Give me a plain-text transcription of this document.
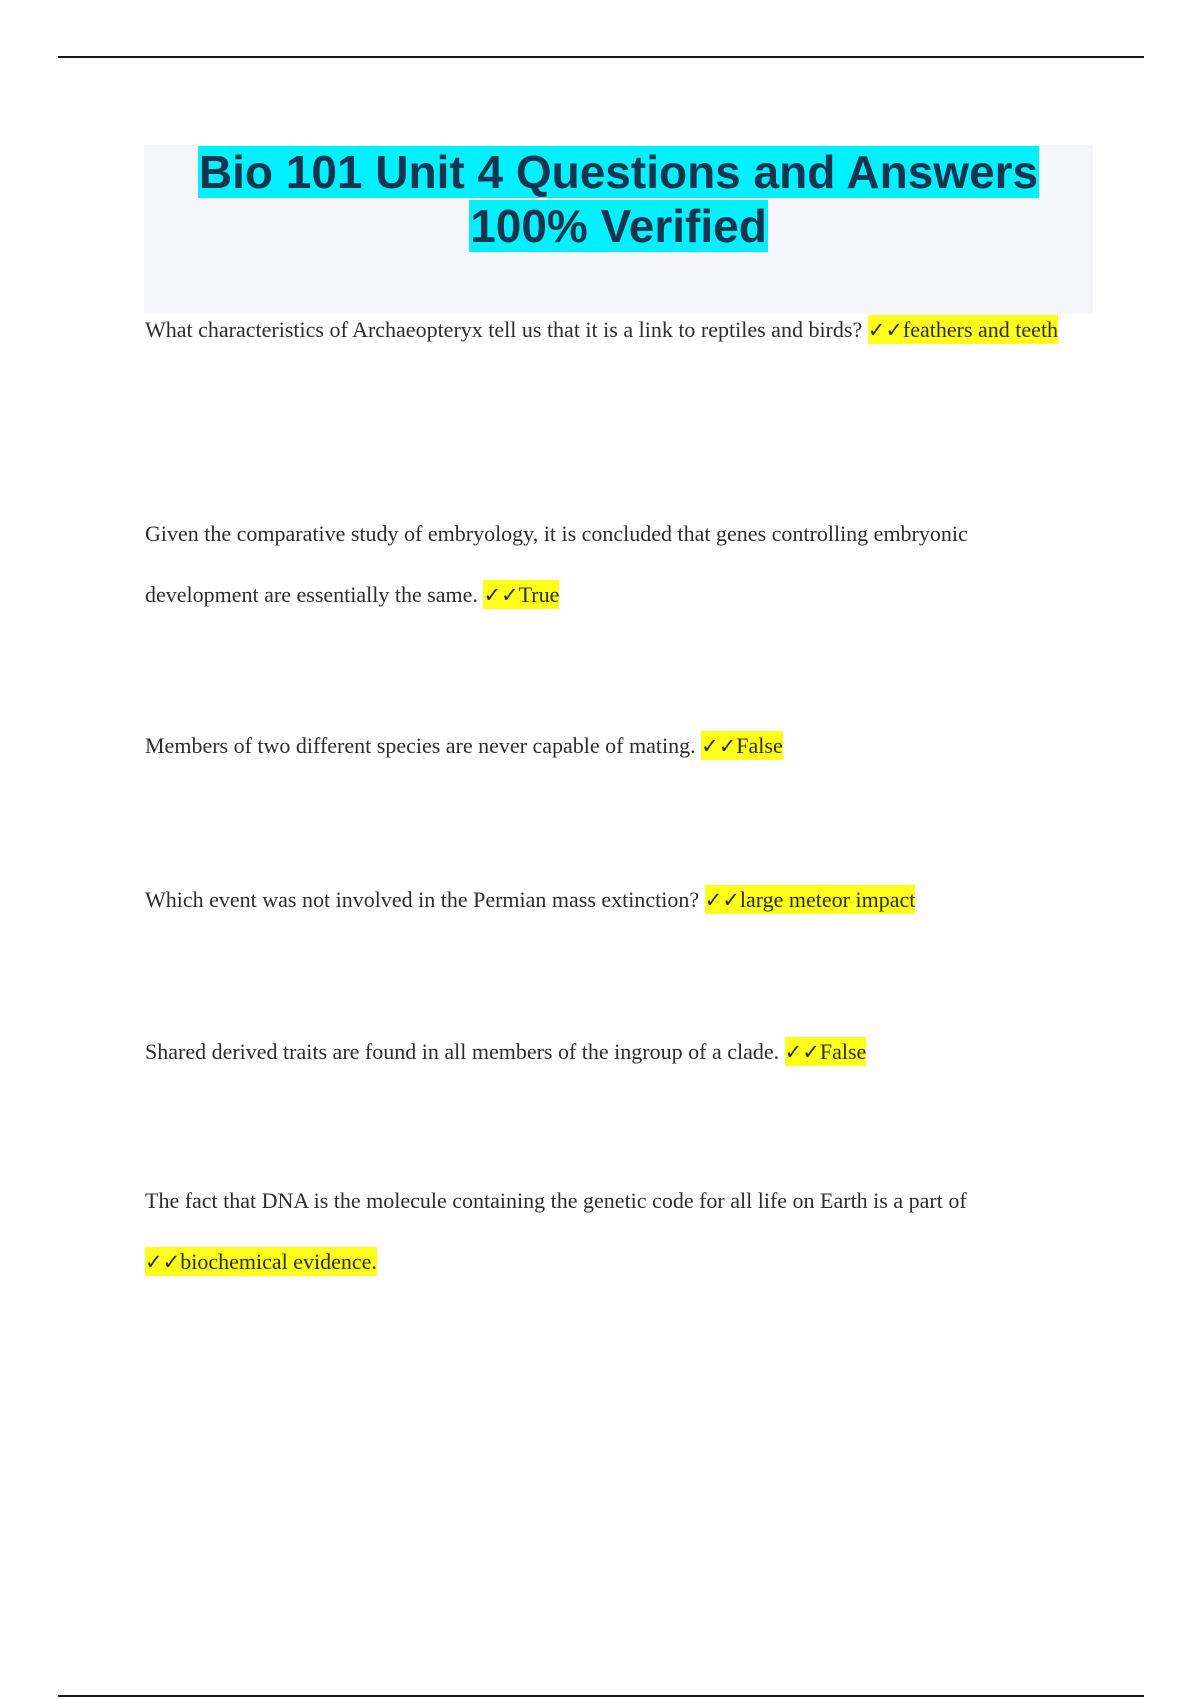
Bio 101 Unit 4 Questions and Answers
100% Verified
What characteristics of Archaeopteryx tell us that it is a link to reptiles and birds? ✓✓feathers and teeth
Given the comparative study of embryology, it is concluded that genes controlling embryonic development are essentially the same. ✓✓True
Members of two different species are never capable of mating. ✓✓False
Which event was not involved in the Permian mass extinction? ✓✓large meteor impact
Shared derived traits are found in all members of the ingroup of a clade. ✓✓False
The fact that DNA is the molecule containing the genetic code for all life on Earth is a part of ✓✓biochemical evidence.
